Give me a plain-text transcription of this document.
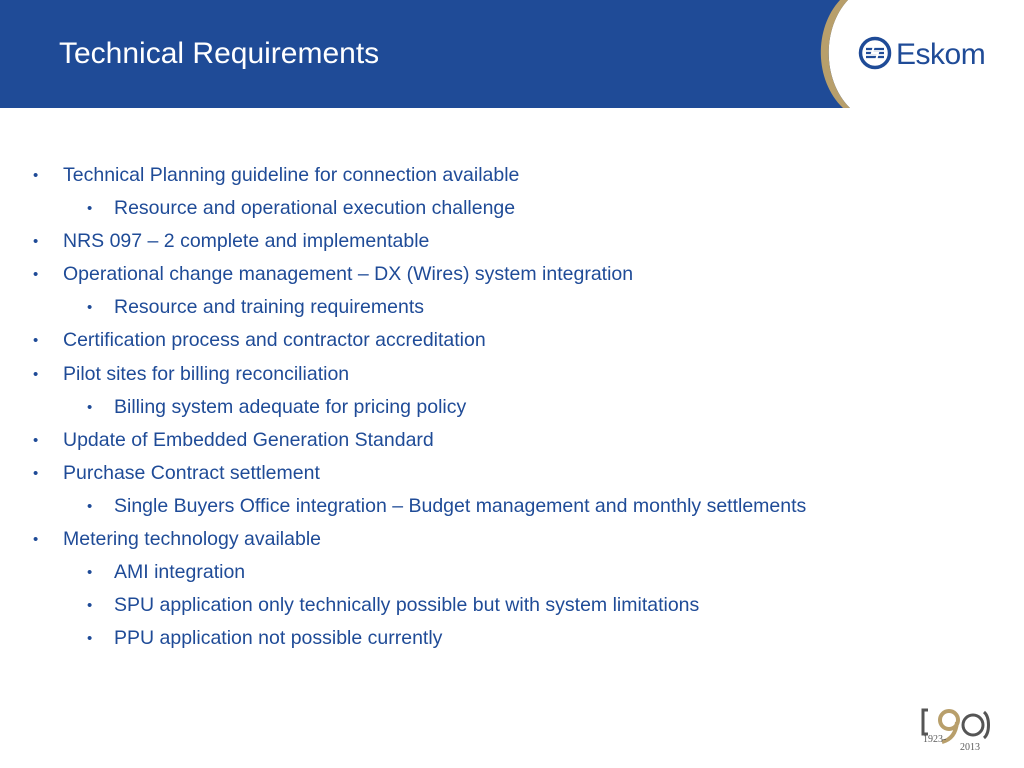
Technical Requirements	Eskom
• Technical Planning guideline for connection available
• Resource and operational execution challenge
• NRS 097 – 2 complete and implementable
• Operational change management – DX (Wires) system integration
• Resource and training requirements
• Certification process and contractor accreditation
• Pilot sites for billing reconciliation
• Billing system adequate for pricing policy
• Update of Embedded Generation Standard
• Purchase Contract settlement
• Single Buyers Office integration – Budget management and monthly settlements
• Metering technology available
• AMI integration
• SPU application only technically possible but with system limitations
• PPU application not possible currently
1923-
2013
